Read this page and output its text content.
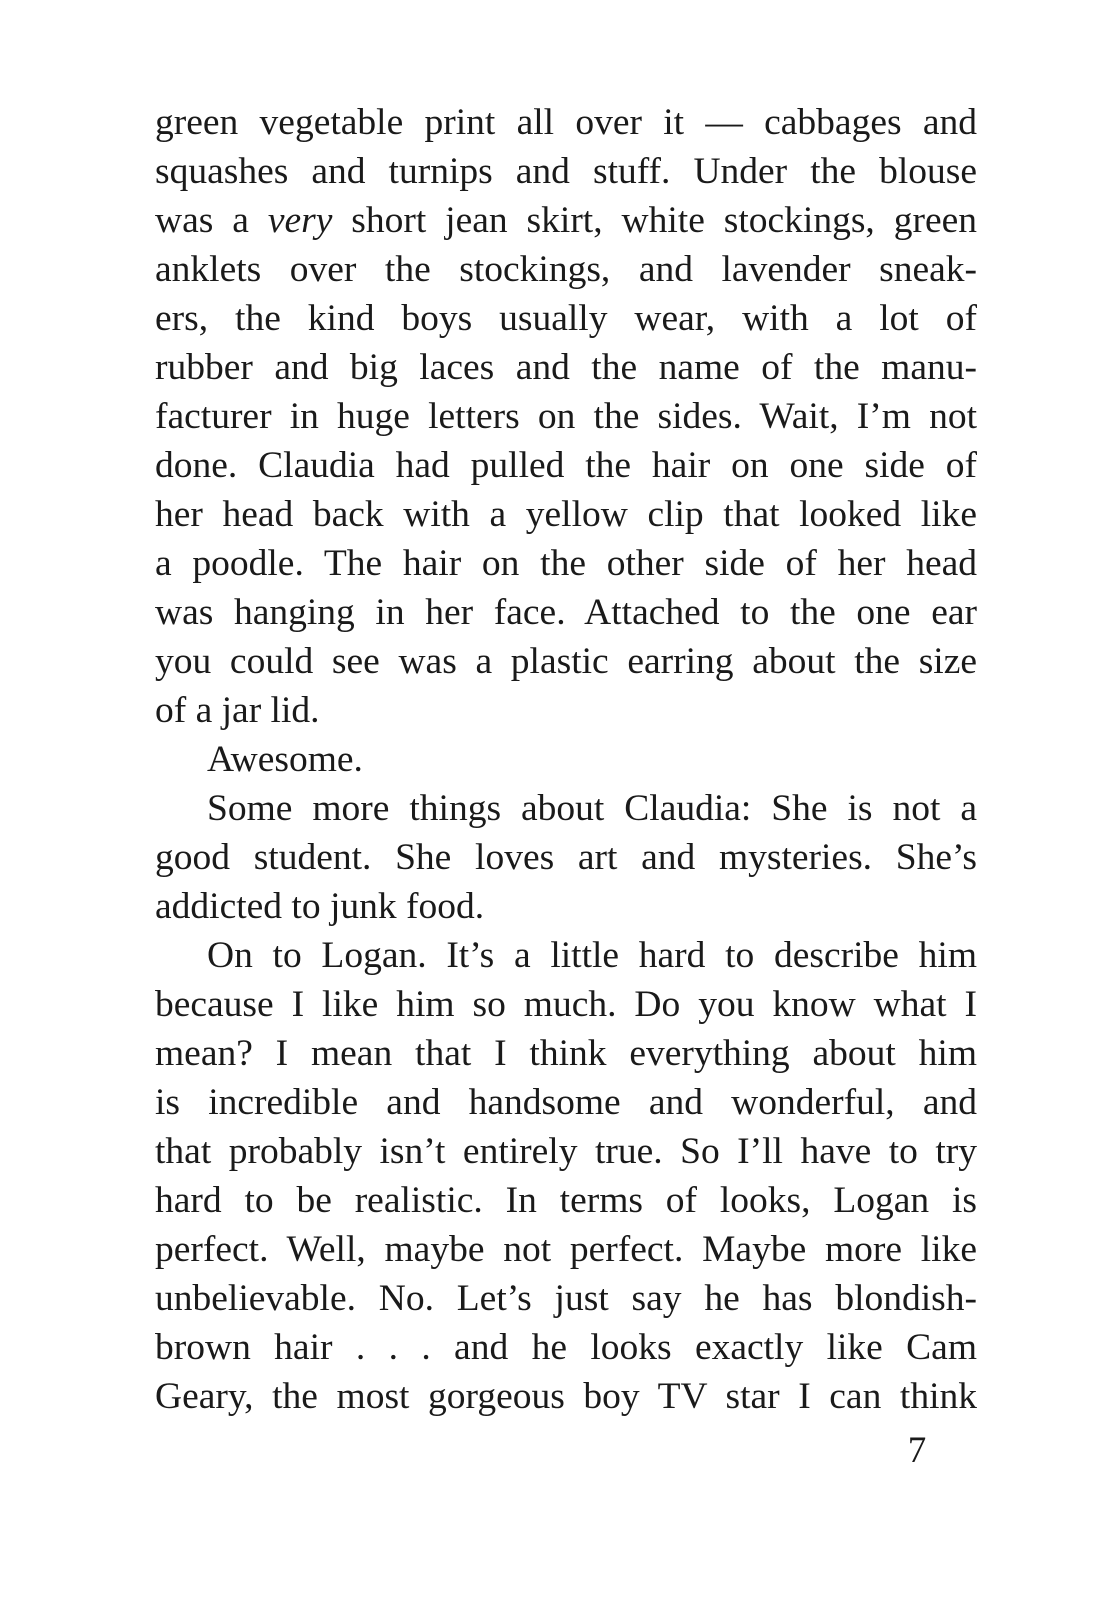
green vegetable print all over it — cabbages and
squashes and turnips and stuff. Under the blouse
was a very short jean skirt, white stockings, green
anklets over the stockings, and lavender sneak-
ers, the kind boys usually wear, with a lot of
rubber and big laces and the name of the manu-
facturer in huge letters on the sides. Wait, I’m not
done. Claudia had pulled the hair on one side of
her head back with a yellow clip that looked like
a poodle. The hair on the other side of her head
was hanging in her face. Attached to the one ear
you could see was a plastic earring about the size
of a jar lid.
Awesome.
Some more things about Claudia: She is not a
good student. She loves art and mysteries. She’s
addicted to junk food.
On to Logan. It’s a little hard to describe him
because I like him so much. Do you know what I
mean? I mean that I think everything about him
is incredible and handsome and wonderful, and
that probably isn’t entirely true. So I’ll have to try
hard to be realistic. In terms of looks, Logan is
perfect. Well, maybe not perfect. Maybe more like
unbelievable. No. Let’s just say he has blondish-
brown hair . . . and he looks exactly like Cam
Geary, the most gorgeous boy TV star I can think
7
